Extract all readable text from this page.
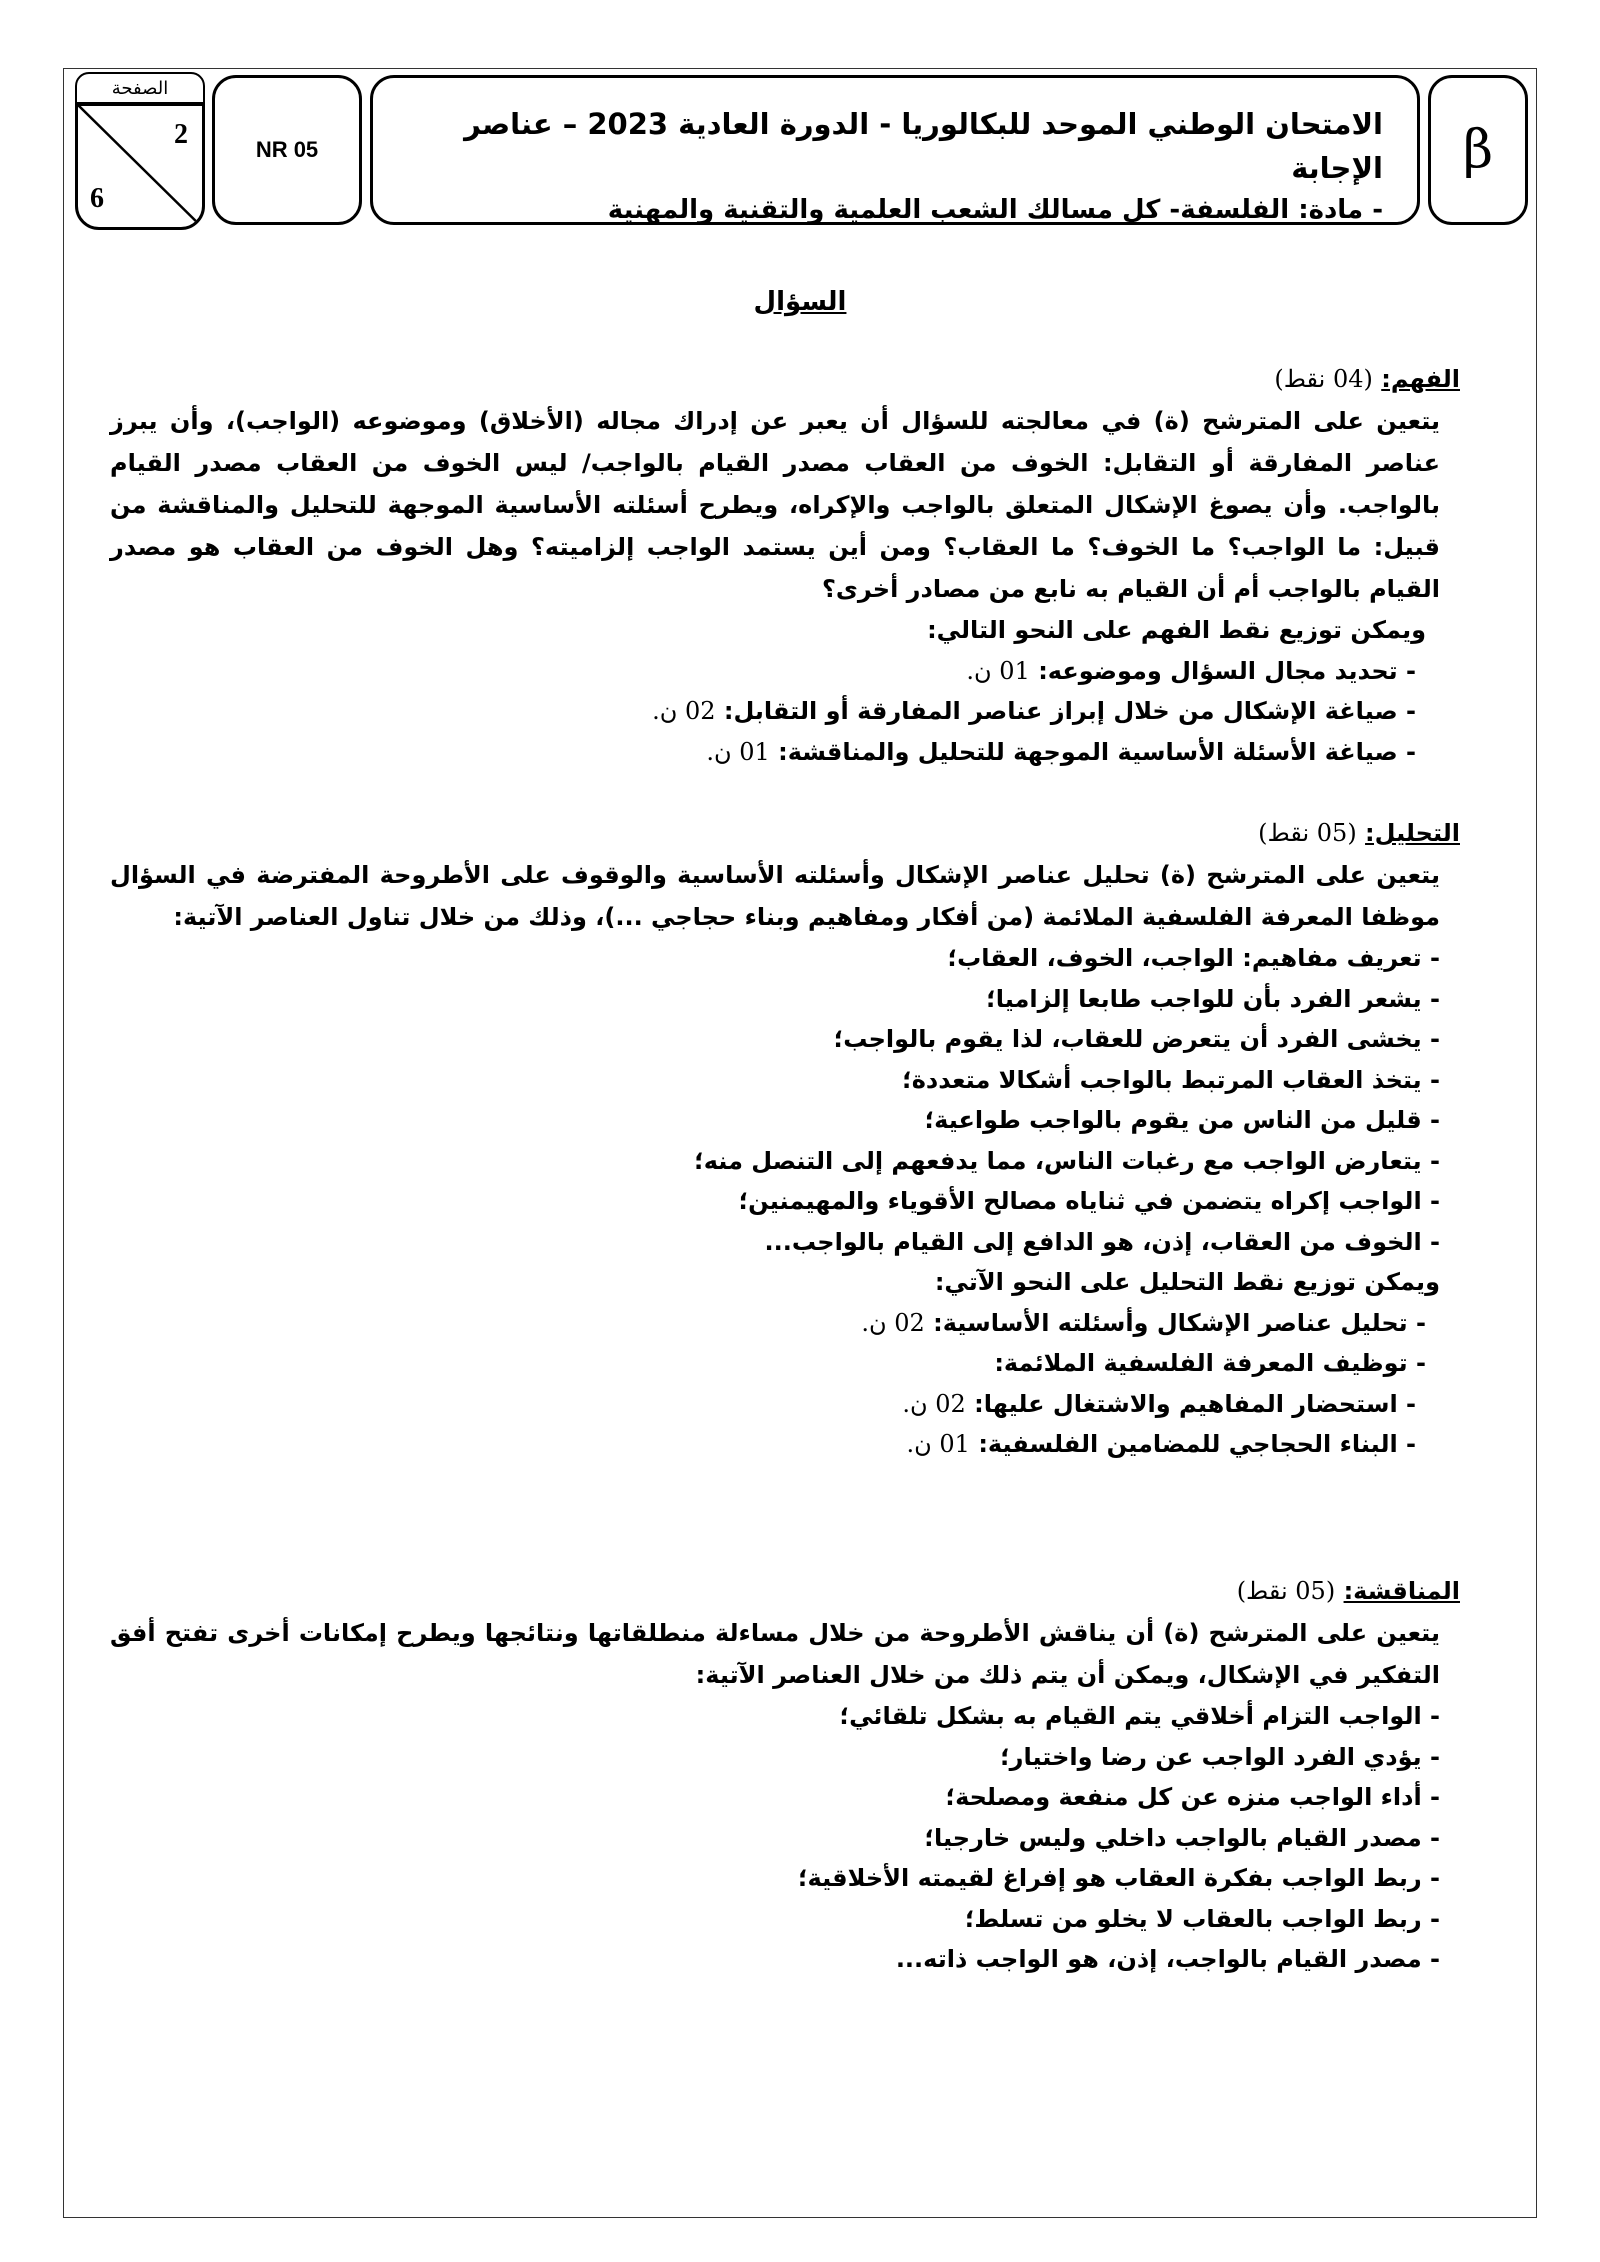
β
الامتحان الوطني الموحد للبكالوريا - الدورة العادية 2023 – عناصر الإجابة
- مادة: الفلسفة- كل مسالك الشعب العلمية والتقنية والمهنية
NR 05
الصفحة
2
6
السؤال

الفهم: (04 نقط)

يتعين على المترشح (ة) في معالجته للسؤال أن يعبر عن إدراك مجاله (الأخلاق) وموضوعه (الواجب)، وأن يبرز عناصر المفارقة أو التقابل: الخوف من العقاب مصدر القيام بالواجب/ ليس الخوف من العقاب مصدر القيام بالواجب. وأن يصوغ الإشكال المتعلق بالواجب والإكراه، ويطرح أسئلته الأساسية الموجهة للتحليل والمناقشة من قبيل: ما الواجب؟ ما الخوف؟ ما العقاب؟ ومن أين يستمد الواجب إلزاميته؟ وهل الخوف من العقاب هو مصدر القيام بالواجب أم أن القيام به نابع من مصادر أخرى؟

ويمكن توزيع نقط الفهم على النحو التالي:

- تحديد مجال السؤال وموضوعه: 01 ن.

- صياغة الإشكال من خلال إبراز عناصر المفارقة أو التقابل: 02 ن.

- صياغة الأسئلة الأساسية الموجهة للتحليل والمناقشة: 01 ن.

التحليل: (05 نقط)

يتعين على المترشح (ة) تحليل عناصر الإشكال وأسئلته الأساسية والوقوف على الأطروحة المفترضة في السؤال موظفا المعرفة الفلسفية الملائمة (من أفكار ومفاهيم وبناء حجاجي ...)، وذلك من خلال تناول العناصر الآتية:

- تعريف مفاهيم: الواجب، الخوف، العقاب؛

- يشعر الفرد بأن للواجب طابعا إلزاميا؛

- يخشى الفرد أن يتعرض للعقاب، لذا يقوم بالواجب؛

- يتخذ العقاب المرتبط بالواجب أشكالا متعددة؛

- قليل من الناس من يقوم بالواجب طواعية؛

- يتعارض الواجب مع رغبات الناس، مما يدفعهم إلى التنصل منه؛

- الواجب إكراه يتضمن في ثناياه مصالح الأقوياء والمهيمنين؛

- الخوف من العقاب، إذن، هو الدافع إلى القيام بالواجب...

ويمكن توزيع نقط التحليل على النحو الآتي:

- تحليل عناصر الإشكال وأسئلته الأساسية: 02 ن.

- توظيف المعرفة الفلسفية الملائمة:

- استحضار المفاهيم والاشتغال عليها: 02 ن.

- البناء الحجاجي للمضامين الفلسفية: 01 ن.

المناقشة: (05 نقط)

يتعين على المترشح (ة) أن يناقش الأطروحة من خلال مساءلة منطلقاتها ونتائجها ويطرح إمكانات أخرى تفتح أفق التفكير في الإشكال، ويمكن أن يتم ذلك من خلال العناصر الآتية:

- الواجب التزام أخلاقي يتم القيام به بشكل تلقائي؛

- يؤدي الفرد الواجب عن رضا واختيار؛

- أداء الواجب منزه عن كل منفعة ومصلحة؛

- مصدر القيام بالواجب داخلي وليس خارجيا؛

- ربط الواجب بفكرة العقاب هو إفراغ لقيمته الأخلاقية؛

- ربط الواجب بالعقاب لا يخلو من تسلط؛

- مصدر القيام بالواجب، إذن، هو الواجب ذاته...
